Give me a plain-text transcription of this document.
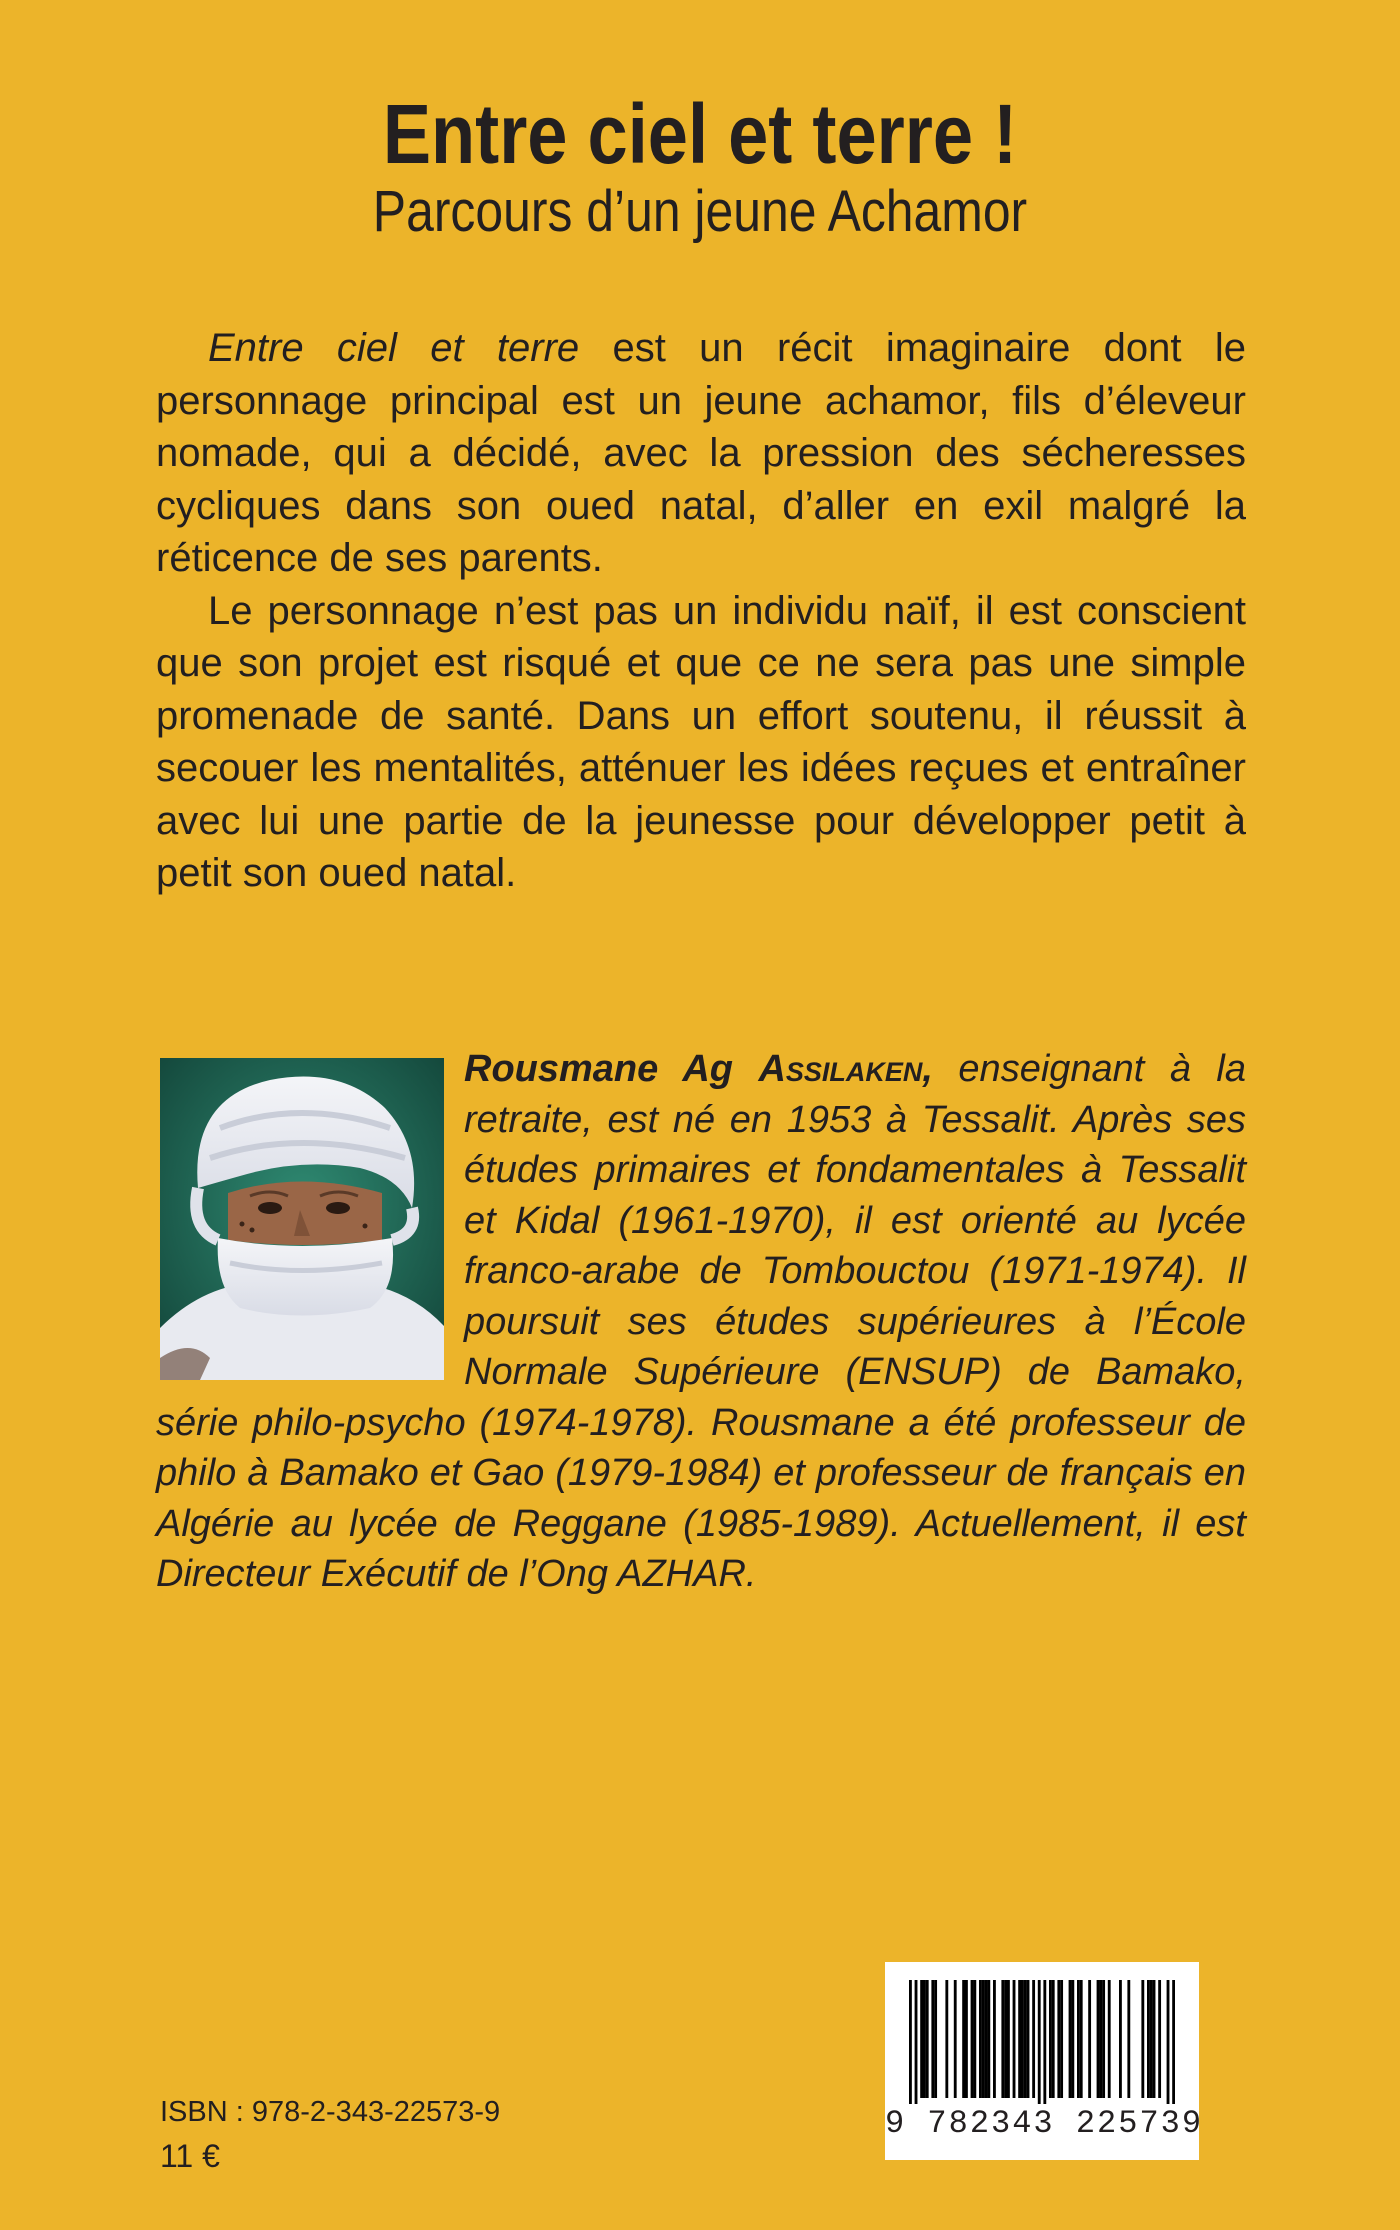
Entre ciel et terre !
Parcours d’un jeune Achamor

Entre ciel et terre est un récit imaginaire dont le personnage principal est un jeune achamor, fils d’éleveur nomade, qui a décidé, avec la pression des sécheresses cycliques dans son oued natal, d’aller en exil malgré la réticence de ses parents.

Le personnage n’est pas un individu naïf, il est conscient que son projet est risqué et que ce ne sera pas une simple promenade de santé. Dans un effort soutenu, il réussit à secouer les mentalités, atténuer les idées reçues et entraîner avec lui une partie de la jeunesse pour développer petit à petit son oued natal.

Rousmane Ag Assilaken, enseignant à la retraite, est né en 1953 à Tessalit. Après ses études primaires et fondamentales à Tessalit et Kidal (1961-1970), il est orienté au lycée franco-arabe de Tombouctou (1971-1974). Il poursuit ses études supérieures à l’École Normale Supérieure (ENSUP) de Bamako, série philo-psycho (1974-1978). Rousmane a été professeur de philo à Bamako et Gao (1979-1984) et professeur de français en Algérie au lycée de Reggane (1985-1989). Actuellement, il est Directeur Exécutif de l’Ong AZHAR.
ISBN : 978-2-343-22573-9
11 €
9 782343 225739
